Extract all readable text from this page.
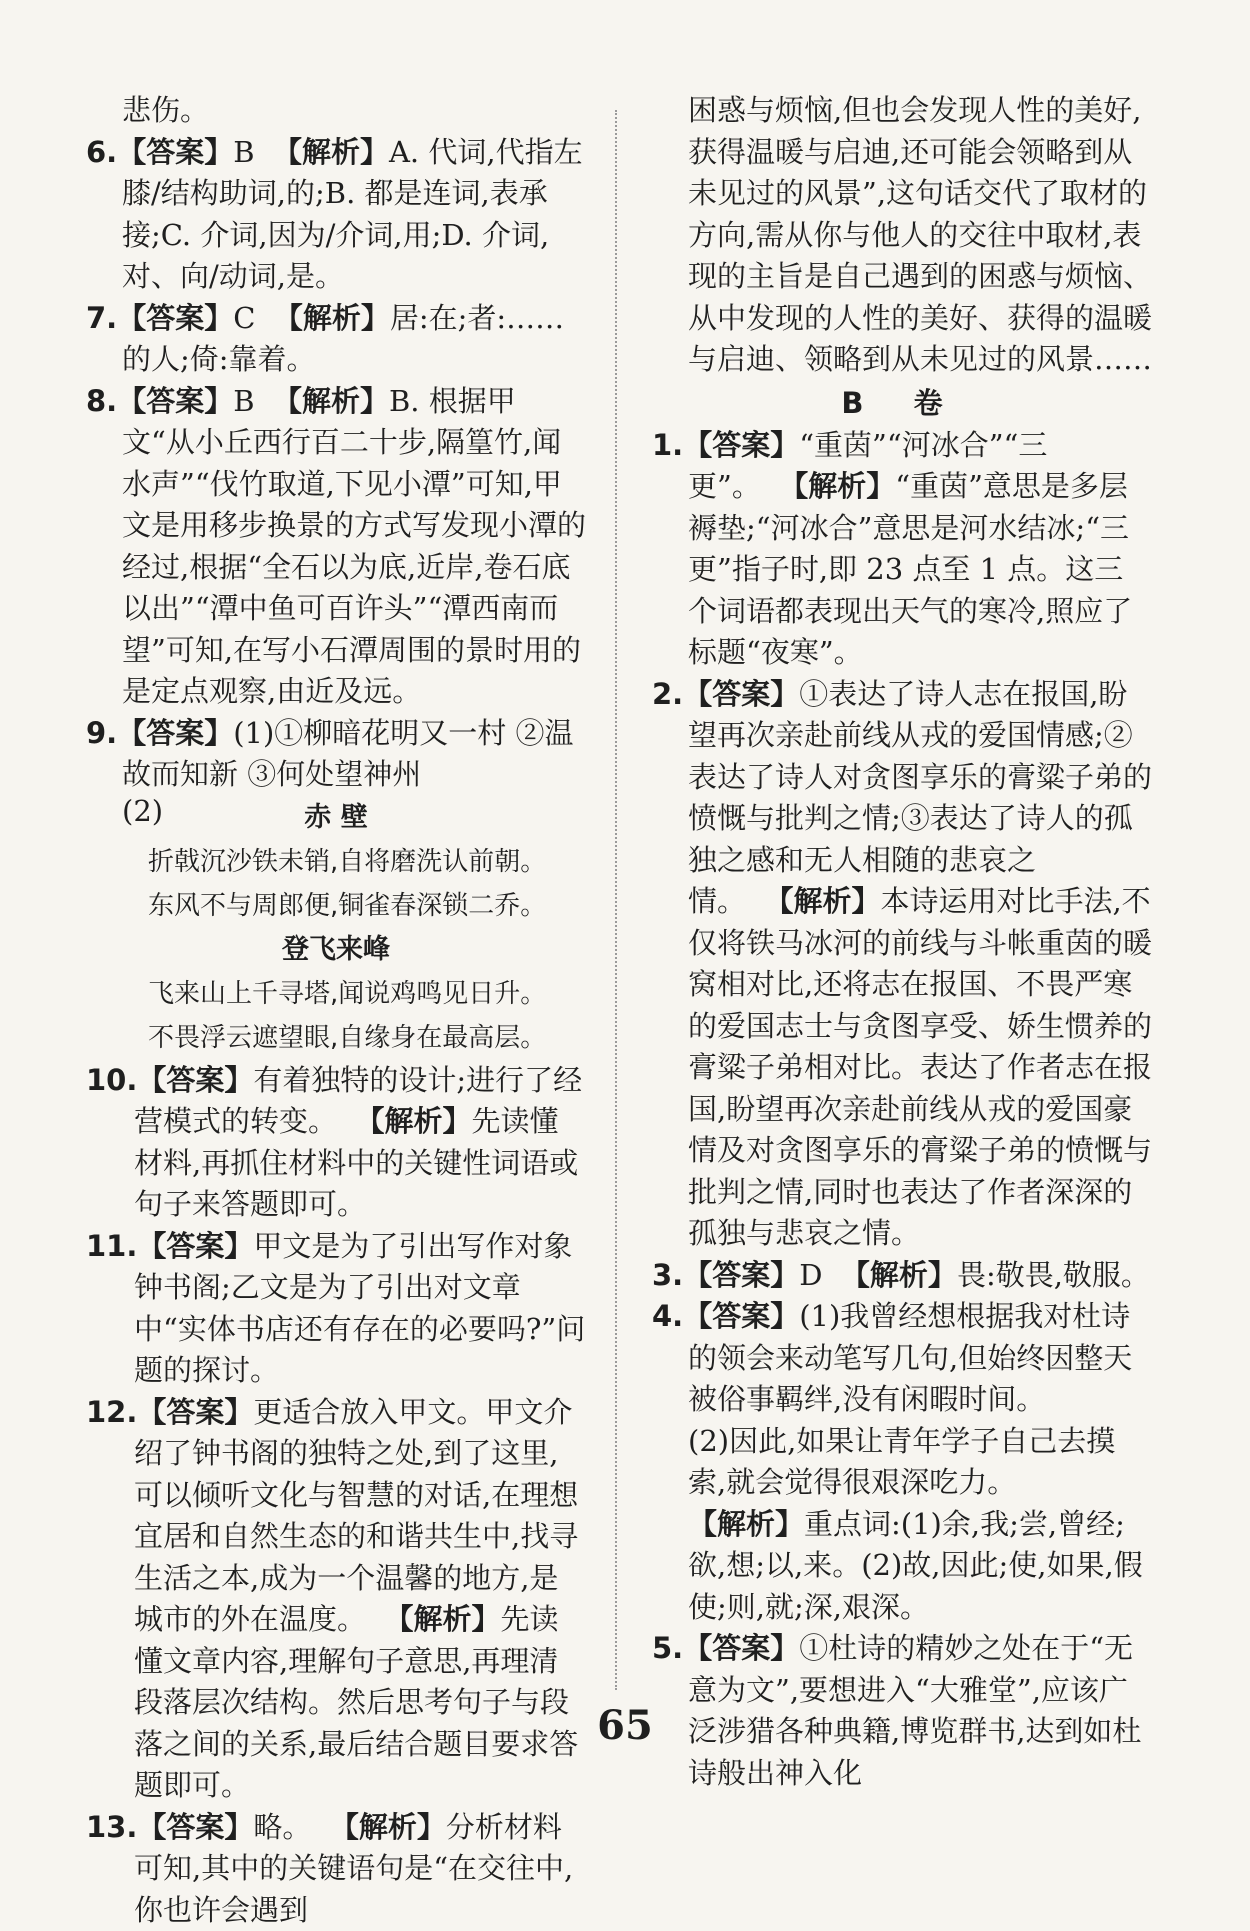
悲伤。

6.【答案】B 【解析】A. 代词,代指左膝/结构助词,的;B. 都是连词,表承接;C. 介词,因为/介词,用;D. 介词,对、向/动词,是。

7.【答案】C 【解析】居:在;者:……的人;倚:靠着。

8.【答案】B 【解析】B. 根据甲文“从小丘西行百二十步,隔篁竹,闻水声”“伐竹取道,下见小潭”可知,甲文是用移步换景的方式写发现小潭的经过,根据“全石以为底,近岸,卷石底以出”“潭中鱼可百许头”“潭西南而望”可知,在写小石潭周围的景时用的是定点观察,由近及远。

9.【答案】(1)①柳暗花明又一村 ②温故而知新 ③何处望神州

(2)	赤 壁

折戟沉沙铁未销,自将磨洗认前朝。

东风不与周郎便,铜雀春深锁二乔。

登飞来峰

飞来山上千寻塔,闻说鸡鸣见日升。

不畏浮云遮望眼,自缘身在最高层。

10.【答案】有着独特的设计;进行了经营模式的转变。 【解析】先读懂材料,再抓住材料中的关键性词语或句子来答题即可。

11.【答案】甲文是为了引出写作对象钟书阁;乙文是为了引出对文章中“实体书店还有存在的必要吗?”问题的探讨。

12.【答案】更适合放入甲文。甲文介绍了钟书阁的独特之处,到了这里,可以倾听文化与智慧的对话,在理想宜居和自然生态的和谐共生中,找寻生活之本,成为一个温馨的地方,是城市的外在温度。 【解析】先读懂文章内容,理解句子意思,再理清段落层次结构。然后思考句子与段落之间的关系,最后结合题目要求答题即可。

13.【答案】略。 【解析】分析材料可知,其中的关键语句是“在交往中,你也许会遇到

困惑与烦恼,但也会发现人性的美好,获得温暖与启迪,还可能会领略到从未见过的风景”,这句话交代了取材的方向,需从你与他人的交往中取材,表现的主旨是自己遇到的困惑与烦恼、从中发现的人性的美好、获得的温暖与启迪、领略到从未见过的风景……

B 卷

1.【答案】“重茵”“河冰合”“三更”。 【解析】“重茵”意思是多层褥垫;“河冰合”意思是河水结冰;“三更”指子时,即 23 点至 1 点。这三个词语都表现出天气的寒冷,照应了标题“夜寒”。

2.【答案】①表达了诗人志在报国,盼望再次亲赴前线从戎的爱国情感;②表达了诗人对贪图享乐的膏粱子弟的愤慨与批判之情;③表达了诗人的孤独之感和无人相随的悲哀之情。 【解析】本诗运用对比手法,不仅将铁马冰河的前线与斗帐重茵的暖窝相对比,还将志在报国、不畏严寒的爱国志士与贪图享受、娇生惯养的膏粱子弟相对比。表达了作者志在报国,盼望再次亲赴前线从戎的爱国豪情及对贪图享乐的膏粱子弟的愤慨与批判之情,同时也表达了作者深深的孤独与悲哀之情。

3.【答案】D 【解析】畏:敬畏,敬服。

4.【答案】(1)我曾经想根据我对杜诗的领会来动笔写几句,但始终因整天被俗事羁绊,没有闲暇时间。

(2)因此,如果让青年学子自己去摸索,就会觉得很艰深吃力。

【解析】重点词:(1)余,我;尝,曾经;欲,想;以,来。(2)故,因此;使,如果,假使;则,就;深,艰深。

5.【答案】①杜诗的精妙之处在于“无意为文”,要想进入“大雅堂”,应该广泛涉猎各种典籍,博览群书,达到如杜诗般出神入化

65
